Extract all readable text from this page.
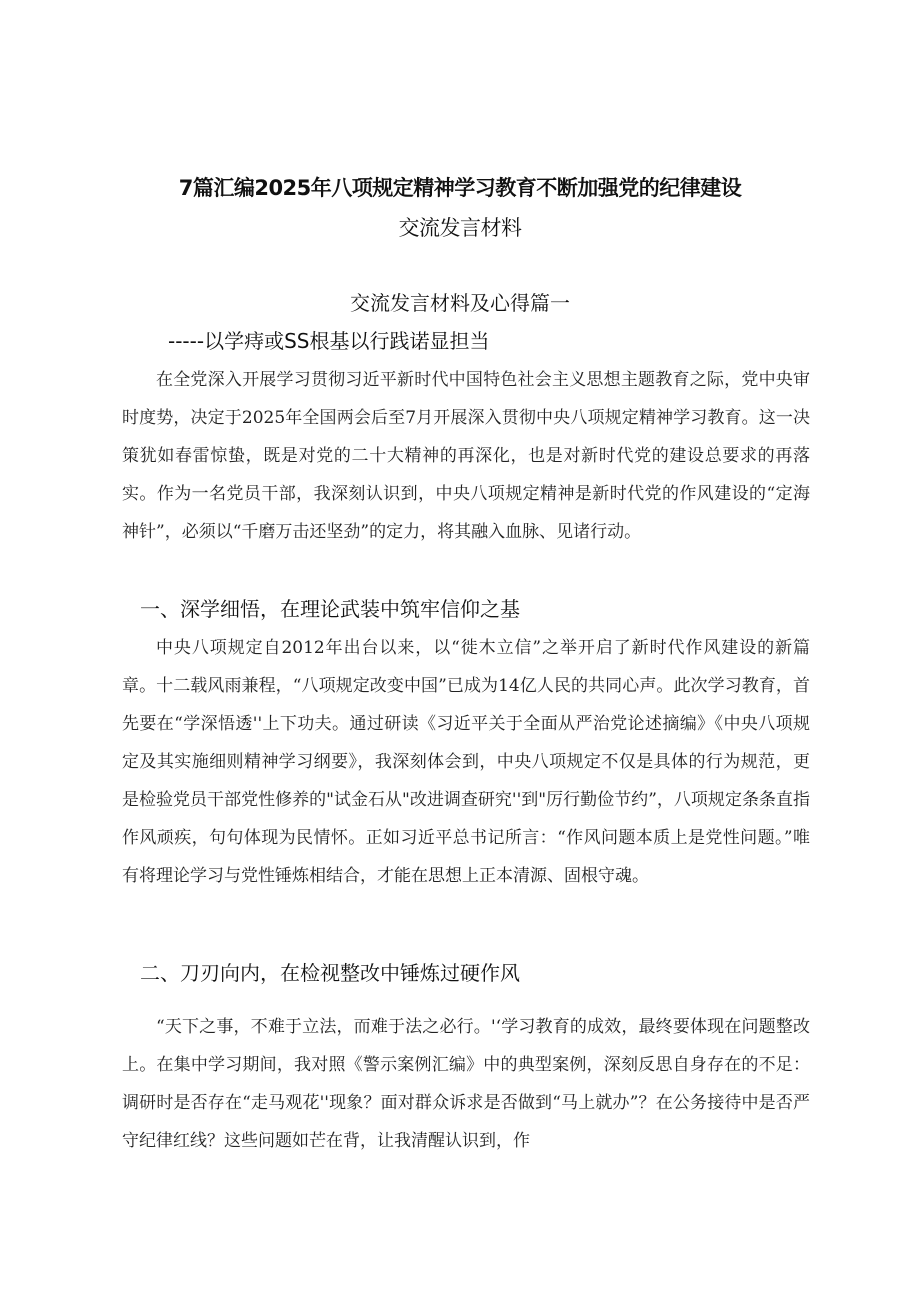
7篇汇编2025年八项规定精神学习教育不断加强党的纪律建设
交流发言材料
交流发言材料及心得篇一
-----以学痔或SS根基以行践诺显担当

在全党深入开展学习贯彻习近平新时代中国特色社会主义思想主题教育之际，党中央审时度势，决定于2025年全国两会后至7月开展深入贯彻中央八项规定精神学习教育。这一决策犹如春雷惊蛰，既是对党的二十大精神的再深化，也是对新时代党的建设总要求的再落实。作为一名党员干部，我深刻认识到，中央八项规定精神是新时代党的作风建设的“定海神针”，必须以“千磨万击还坚劲”的定力，将其融入血脉、见诸行动。

一、深学细悟，在理论武装中筑牢信仰之基

中央八项规定自2012年出台以来，以“徙木立信”之举开启了新时代作风建设的新篇章。十二载风雨兼程，“八项规定改变中国”已成为14亿人民的共同心声。此次学习教育，首先要在“学深悟透''上下功夫。通过研读《习近平关于全面从严治党论述摘编》《中央八项规定及其实施细则精神学习纲要》，我深刻体会到，中央八项规定不仅是具体的行为规范，更是检验党员干部党性修养的"试金石从"改进调查研究''到"厉行勤俭节约”，八项规定条条直指作风顽疾，句句体现为民情怀。正如习近平总书记所言：“作风问题本质上是党性问题。”唯有将理论学习与党性锤炼相结合，才能在思想上正本清源、固根守魂。

二、刀刃向内，在检视整改中锤炼过硬作风

“天下之事，不难于立法，而难于法之必行。'‘学习教育的成效，最终要体现在问题整改上。在集中学习期间，我对照《警示案例汇编》中的典型案例，深刻反思自身存在的不足：调研时是否存在“走马观花''现象？面对群众诉求是否做到“马上就办”？在公务接待中是否严守纪律红线？这些问题如芒在背，让我清醒认识到，作
